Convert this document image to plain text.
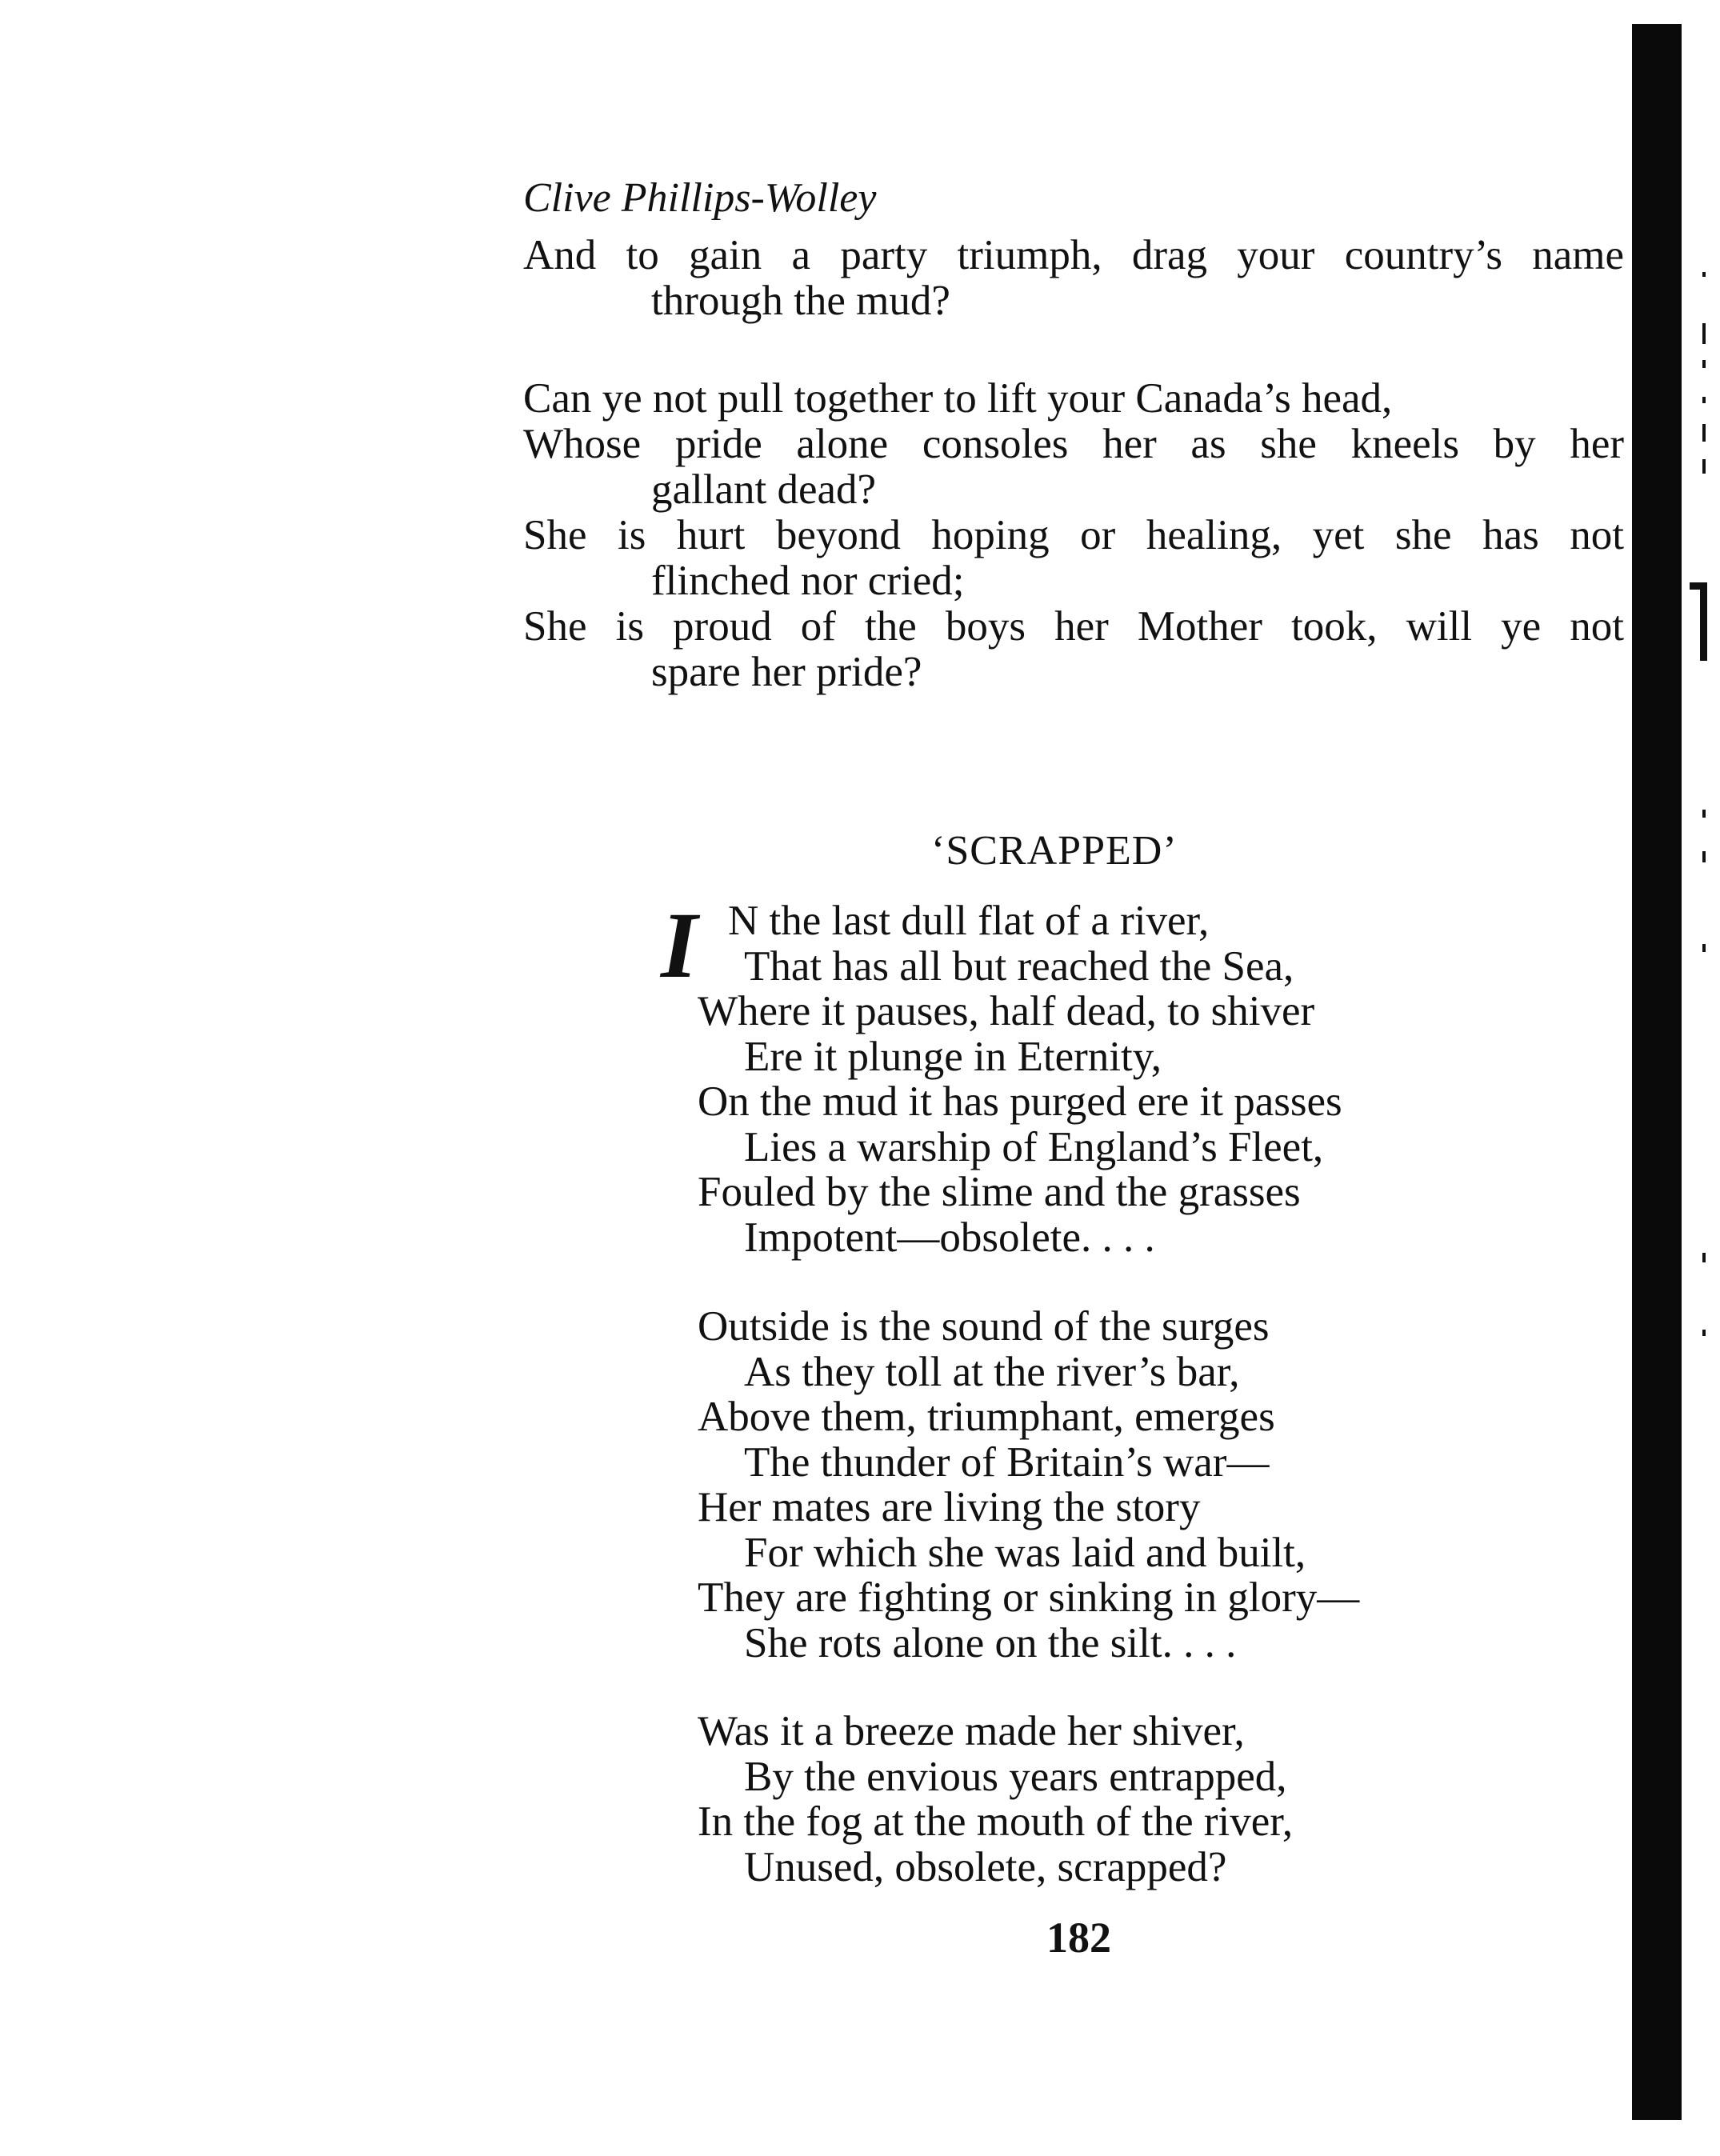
Clive Phillips-Wolley
And to gain a party triumph, drag your country’s name
through the mud?
Can ye not pull together to lift your Canada’s head,
Whose pride alone consoles her as she kneels by her
gallant dead?
She is hurt beyond hoping or healing, yet she has not
flinched nor cried;
She is proud of the boys her Mother took, will ye not
spare her pride?
‘SCRAPPED’
I N the last dull flat of a river,
That has all but reached the Sea,
Where it pauses, half dead, to shiver
Ere it plunge in Eternity,
On the mud it has purged ere it passes
Lies a warship of England’s Fleet,
Fouled by the slime and the grasses
Impotent—obsolete. . . .
Outside is the sound of the surges
As they toll at the river’s bar,
Above them, triumphant, emerges
The thunder of Britain’s war—
Her mates are living the story
For which she was laid and built,
They are fighting or sinking in glory—
She rots alone on the silt. . . .
Was it a breeze made her shiver,
By the envious years entrapped,
In the fog at the mouth of the river,
Unused, obsolete, scrapped?
182
